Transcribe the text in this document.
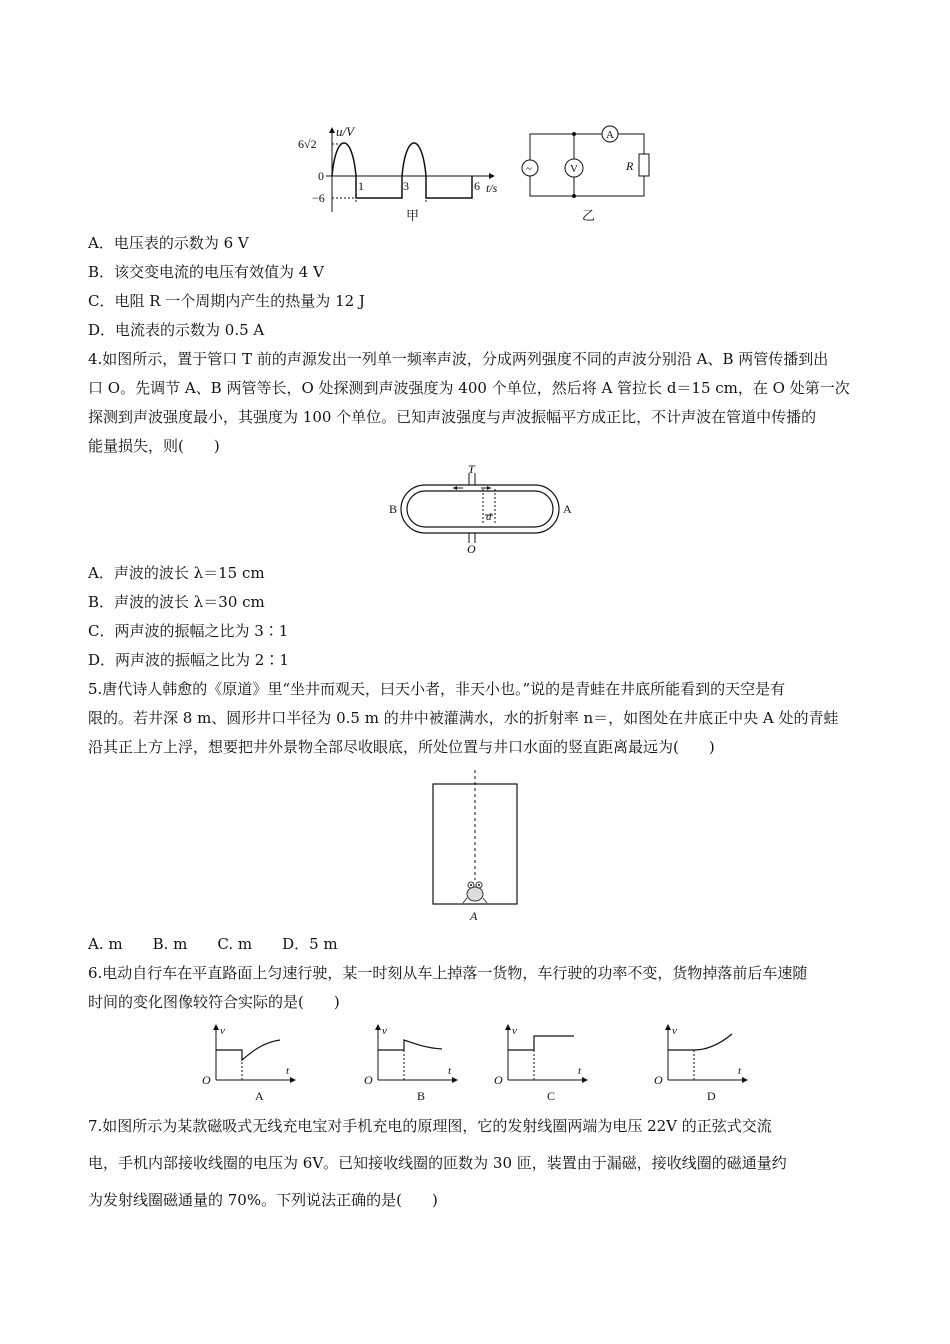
u/V
6√2
0
−6
1	3	6 t/s
甲
A
V
~	R
乙
A．电压表的示数为 6 V
B．该交变电流的电压有效值为 4 V
C．电阻 R 一个周期内产生的热量为 12 J
D．电流表的示数为 0.5 A
4.如图所示，置于管口 T 前的声源发出一列单一频率声波，分成两列强度不同的声波分别沿 A、B 两管传播到出
口 O。先调节 A、B 两管等长，O 处探测到声波强度为 400 个单位，然后将 A 管拉长 d＝15 cm，在 O 处第一次
探测到声波强度最小，其强度为 100 个单位。已知声波强度与声波振幅平方成正比，不计声波在管道中传播的
能量损失，则(　　)
T
B	A
d
O
A．声波的波长 λ＝15 cm
B．声波的波长 λ＝30 cm
C．两声波的振幅之比为 3∶1
D．两声波的振幅之比为 2∶1
5.唐代诗人韩愈的《原道》里“坐井而观天，曰天小者，非天小也。”说的是青蛙在井底所能看到的天空是有
限的。若井深 8 m、圆形井口半径为 0.5 m 的井中被灌满水，水的折射率 n＝，如图处在井底正中央 A 处的青蛙
沿其正上方上浮，想要把井外景物全部尽收眼底，所处位置与井口水面的竖直距离最远为(　　)
A
A. m　　B. m　　C. m　　D．5 m
6.电动自行车在平直路面上匀速行驶，某一时刻从车上掉落一货物，车行驶的功率不变，货物掉落前后车速随
时间的变化图像较符合实际的是(　　)
v
t
O
A
v
t
O
B
v
t
O
C
v
t
O
D
7.如图所示为某款磁吸式无线充电宝对手机充电的原理图，它的发射线圈两端为电压 22V 的正弦式交流
电，手机内部接收线圈的电压为 6V。已知接收线圈的匝数为 30 匝，装置由于漏磁，接收线圈的磁通量约
为发射线圈磁通量的 70%。下列说法正确的是(　　)
